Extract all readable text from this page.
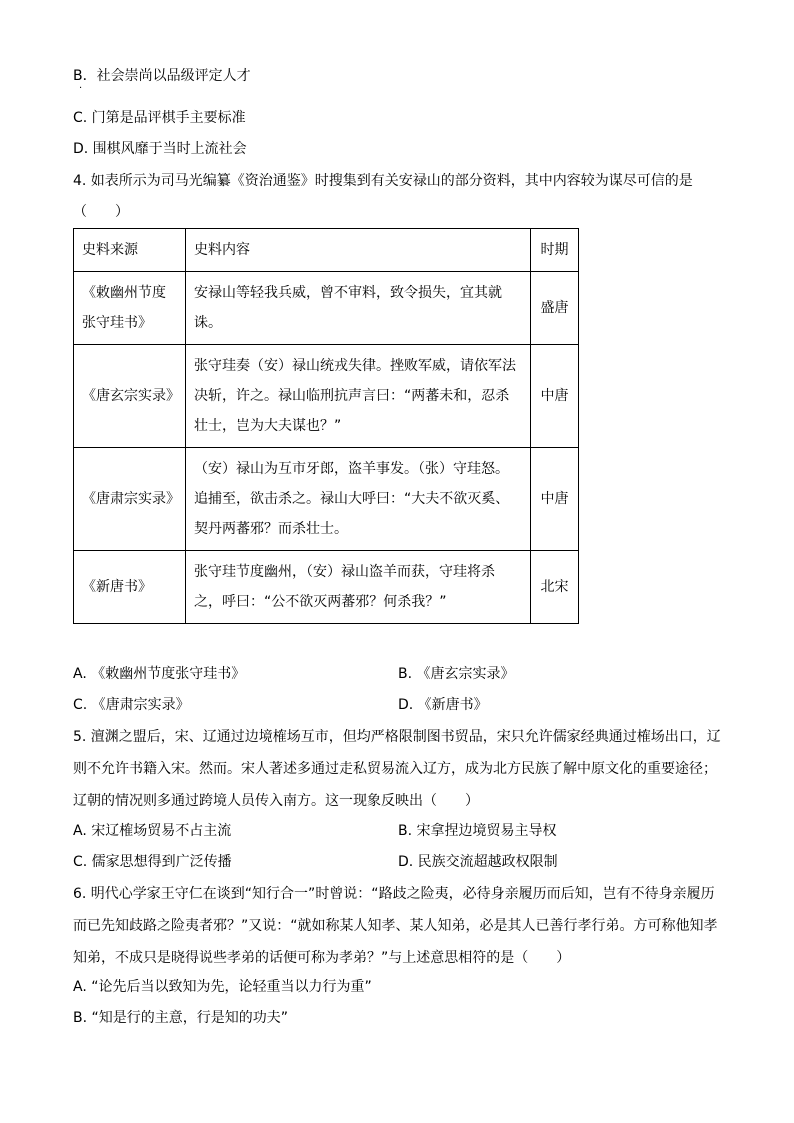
B．社会崇尚以品级评定人才
·
C. 门第是品评棋手主要标准
D. 围棋风靡于当时上流社会
4. 如表所示为司马光编纂《资治通鉴》时搜集到有关安禄山的部分资料，其中内容较为谋尽可信的是
（　　）
史料来源	史料内容	时期
《敕幽州节度张守珪书》	安禄山等轻我兵威，曾不审料，致令损失，宜其就诛。	盛唐
《唐玄宗实录》	张守珪奏（安）禄山统戎失律。挫败军威，请依军法决斩，许之。禄山临刑抗声言曰：“两蕃未和，忍杀壮士，岂为大夫谋也？”	中唐
《唐肃宗实录》	（安）禄山为互市牙郎，盗羊事发。（张）守珪怒。追捕至，欲击杀之。禄山大呼曰：“大夫不欲灭奚、契丹两蕃邪？而杀壮士。	中唐
《新唐书》	张守珪节度幽州，（安）禄山盗羊而获，守珪将杀之，呼曰：“公不欲灭两蕃邪？何杀我？”	北宋
A. 《敕幽州节度张守珪书》	B. 《唐玄宗实录》
C. 《唐肃宗实录》	D. 《新唐书》
5. 澶渊之盟后，宋、辽通过边境榷场互市，但均严格限制图书贸品，宋只允许儒家经典通过榷场出口，辽则不允许书籍入宋。然而。宋人著述多通过走私贸易流入辽方，成为北方民族了解中原文化的重要途径；辽朝的情况则多通过跨境人员传入南方。这一现象反映出（　　）
A. 宋辽榷场贸易不占主流	B. 宋拿捏边境贸易主导权
C. 儒家思想得到广泛传播	D. 民族交流超越政权限制
6. 明代心学家王守仁在谈到“知行合一”时曾说：“路歧之险夷，必待身亲履历而后知，岂有不待身亲履历而已先知歧路之险夷者邪？”又说：“就如称某人知孝、某人知弟，必是其人已善行孝行弟。方可称他知孝知弟，不成只是晓得说些孝弟的话便可称为孝弟？”与上述意思相符的是（　　）
A. “论先后当以致知为先，论轻重当以力行为重”
B. “知是行的主意，行是知的功夫”
